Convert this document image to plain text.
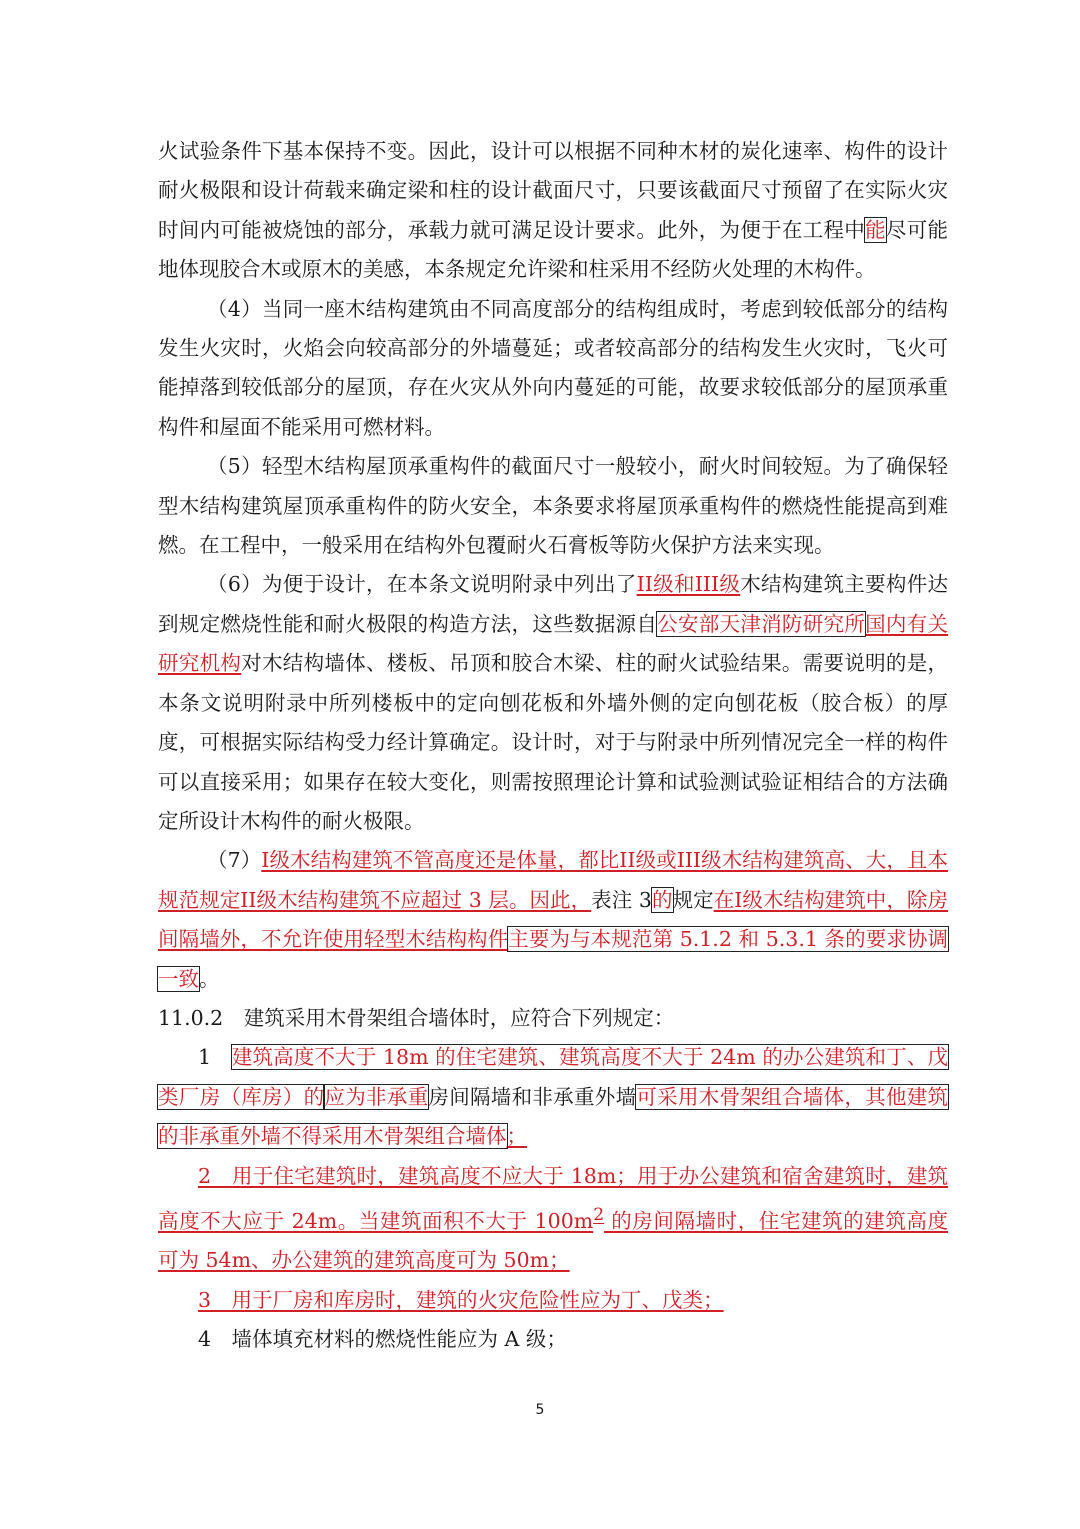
火试验条件下基本保持不变。因此，设计可以根据不同种木材的炭化速率、构件的设计耐火极限和设计荷载来确定梁和柱的设计截面尺寸，只要该截面尺寸预留了在实际火灾时间内可能被烧蚀的部分，承载力就可满足设计要求。此外，为便于在工程中能尽可能地体现胶合木或原木的美感，本条规定允许梁和柱采用不经防火处理的木构件。

（4）当同一座木结构建筑由不同高度部分的结构组成时，考虑到较低部分的结构发生火灾时，火焰会向较高部分的外墙蔓延；或者较高部分的结构发生火灾时，飞火可能掉落到较低部分的屋顶，存在火灾从外向内蔓延的可能，故要求较低部分的屋顶承重构件和屋面不能采用可燃材料。

（5）轻型木结构屋顶承重构件的截面尺寸一般较小，耐火时间较短。为了确保轻型木结构建筑屋顶承重构件的防火安全，本条要求将屋顶承重构件的燃烧性能提高到难燃。在工程中，一般采用在结构外包覆耐火石膏板等防火保护方法来实现。

（6）为便于设计，在本条文说明附录中列出了II级和III级木结构建筑主要构件达到规定燃烧性能和耐火极限的构造方法，这些数据源自公安部天津消防研究所国内有关研究机构对木结构墙体、楼板、吊顶和胶合木梁、柱的耐火试验结果。需要说明的是，本条文说明附录中所列楼板中的定向刨花板和外墙外侧的定向刨花板（胶合板）的厚度，可根据实际结构受力经计算确定。设计时，对于与附录中所列情况完全一样的构件可以直接采用；如果存在较大变化，则需按照理论计算和试验测试验证相结合的方法确定所设计木构件的耐火极限。

（7）I级木结构建筑不管高度还是体量，都比II级或III级木结构建筑高、大，且本规范规定II级木结构建筑不应超过 3 层。因此，表注 3的规定在I级木结构建筑中，除房间隔墙外，不允许使用轻型木结构构件主要为与本规范第 5.1.2 和 5.3.1 条的要求协调一致。

11.0.2　建筑采用木骨架组合墙体时，应符合下列规定：

1　建筑高度不大于 18m 的住宅建筑、建筑高度不大于 24m 的办公建筑和丁、戊类厂房（库房）的应为非承重房间隔墙和非承重外墙可采用木骨架组合墙体，其他建筑的非承重外墙不得采用木骨架组合墙体；

2　用于住宅建筑时，建筑高度不应大于 18m；用于办公建筑和宿舍建筑时，建筑高度不大应于 24m。当建筑面积不大于 $100m^2$ 的房间隔墙时，住宅建筑的建筑高度可为 54m、办公建筑的建筑高度可为 50m；

3　用于厂房和库房时，建筑的火灾危险性应为丁、戊类；

4　墙体填充材料的燃烧性能应为 A 级；

5
